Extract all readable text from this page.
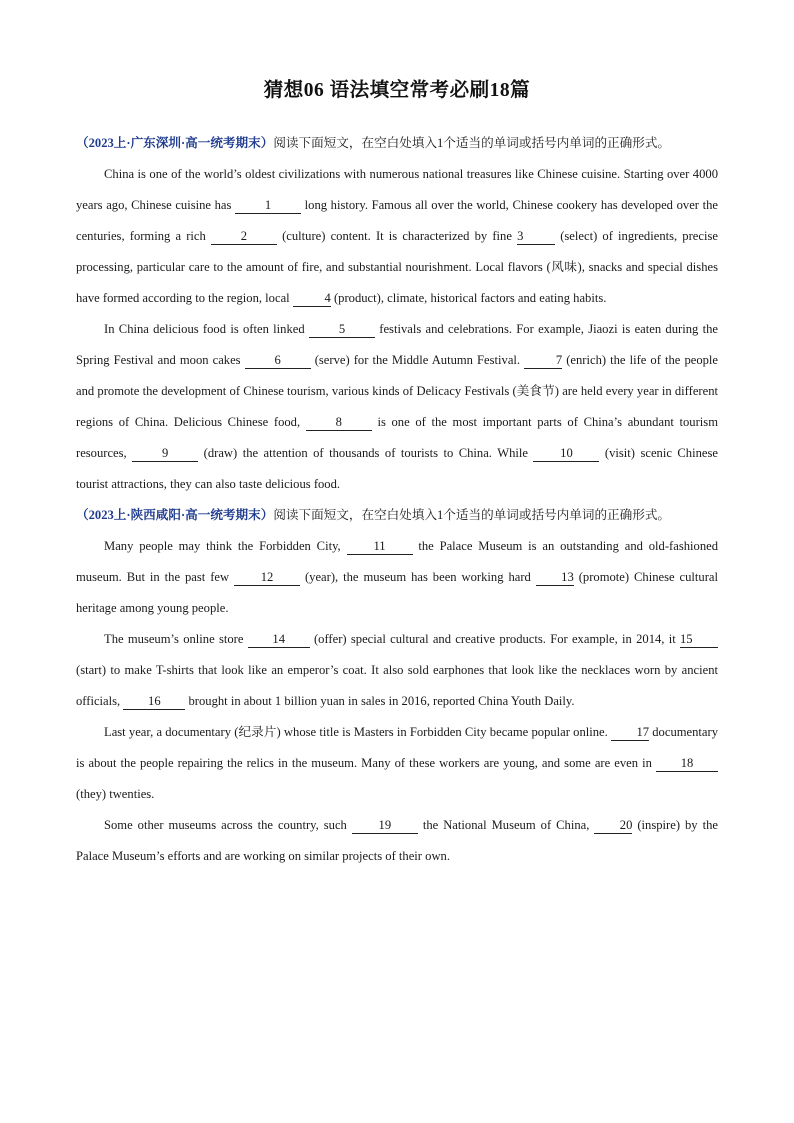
猜想06 语法填空常考必刷18篇

（2023上·广东深圳·高一统考期末）阅读下面短文，在空白处填入1个适当的单词或括号内单词的正确形式。

China is one of the world’s oldest civilizations with numerous national treasures like Chinese cuisine. Starting over 4000 years ago, Chinese cuisine has 1 long history. Famous all over the world, Chinese cookery has developed over the centuries, forming a rich 2 (culture) content. It is characterized by fine 3	(select) of ingredients, precise processing, particular care to the amount of fire, and substantial nourishment. Local flavors (风味), snacks and special dishes have formed according to the region, local	4 (product), climate, historical factors and eating habits.

In China delicious food is often linked 5 festivals and celebrations. For example, Jiaozi is eaten during the Spring Festival and moon cakes 6 (serve) for the Middle Autumn Festival.	7 (enrich) the life of the people and promote the development of Chinese tourism, various kinds of Delicacy Festivals (美食节) are held every year in different regions of China. Delicious Chinese food, 8 is one of the most important parts of China’s abundant tourism resources, 9 (draw) the attention of thousands of tourists to China. While 10 (visit) scenic Chinese tourist attractions, they can also taste delicious food.

（2023上·陕西咸阳·高一统考期末）阅读下面短文，在空白处填入1个适当的单词或括号内单词的正确形式。

Many people may think the Forbidden City, 11 the Palace Museum is an outstanding and old-fashioned museum. But in the past few 12 (year), the museum has been working hard 13 (promote) Chinese cultural heritage among young people.

The museum’s online store 14 (offer) special cultural and creative products. For example, in 2014, it 15 (start) to make T-shirts that look like an emperor’s coat. It also sold earphones that look like the necklaces worn by ancient officials, 16 brought in about 1 billion yuan in sales in 2016, reported China Youth Daily.

Last year, a documentary (纪录片) whose title is Masters in Forbidden City became popular online. 17 documentary is about the people repairing the relics in the museum. Many of these workers are young, and some are even in 18 (they) twenties.

Some other museums across the country, such 19 the National Museum of China, 20 (inspire) by the Palace Museum’s efforts and are working on similar projects of their own.
